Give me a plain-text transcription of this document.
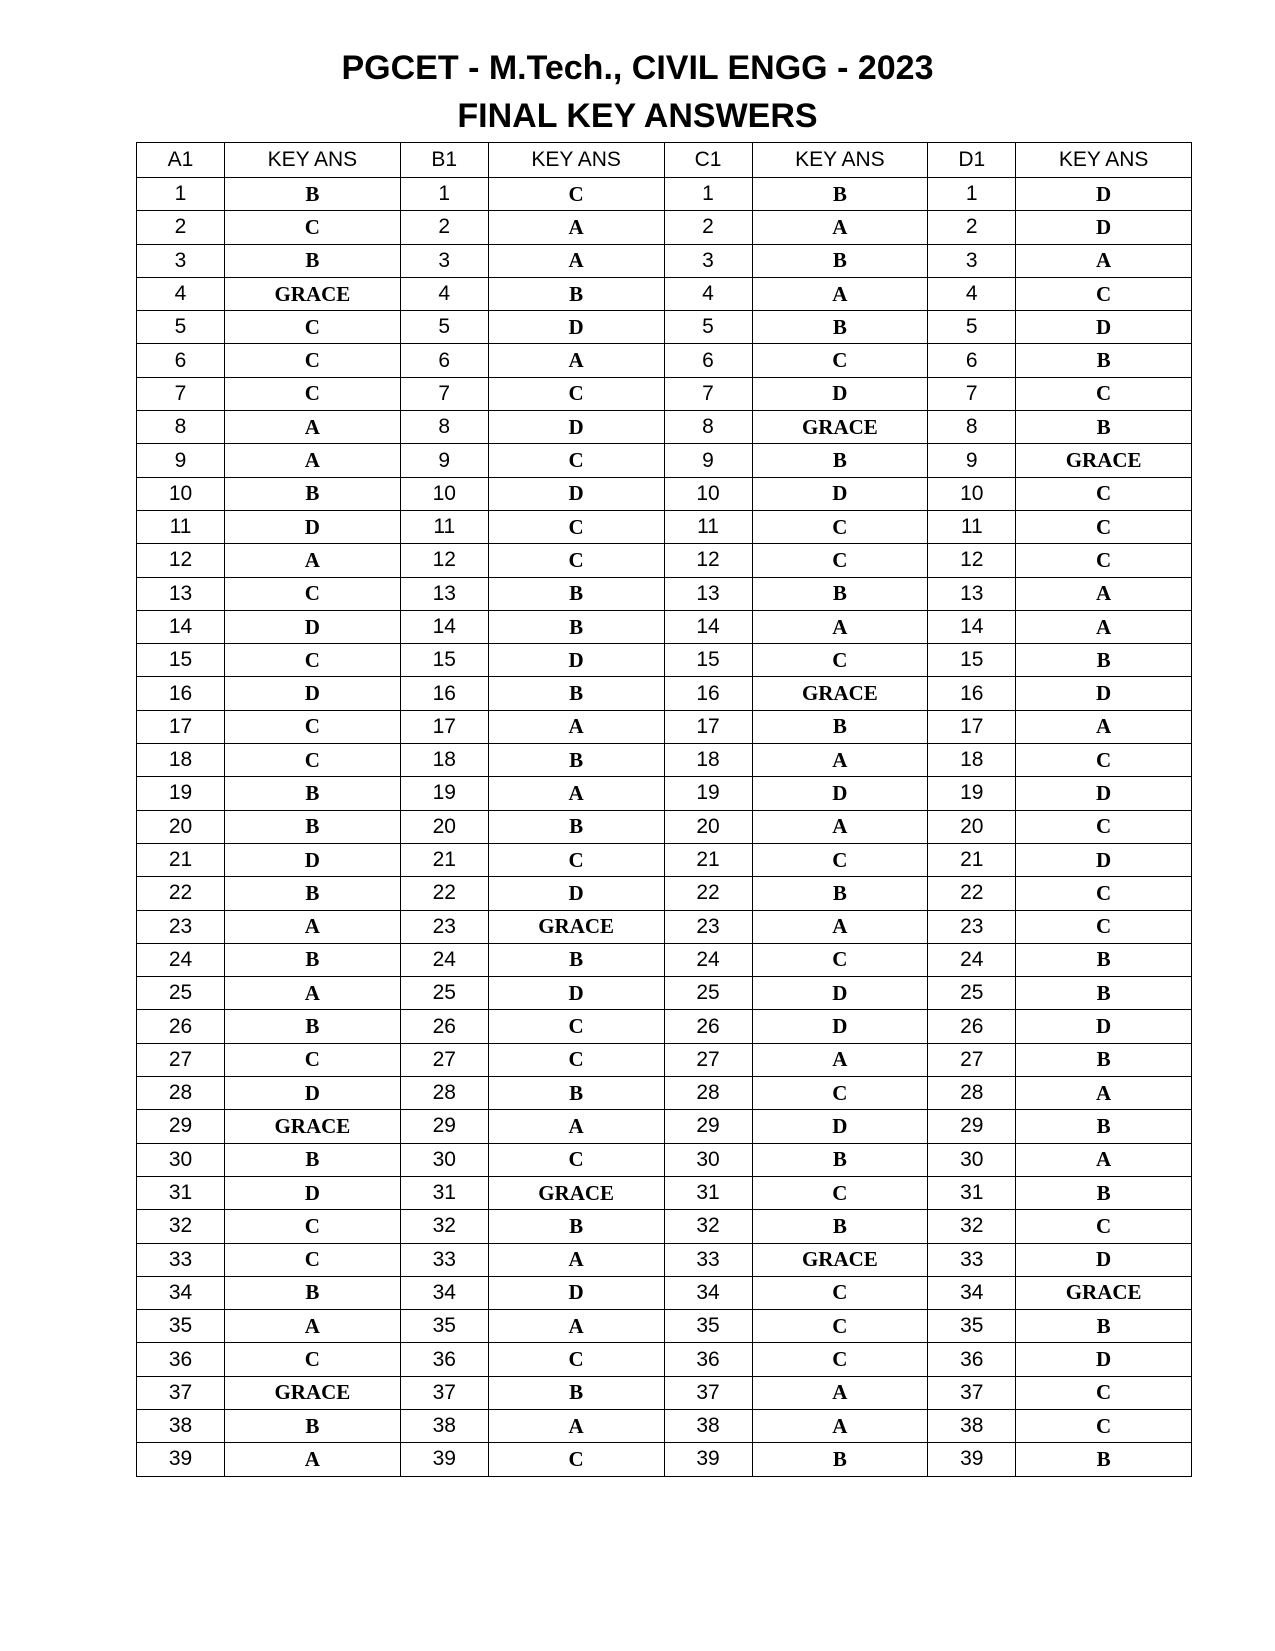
PGCET - M.Tech., CIVIL ENGG - 2023
FINAL KEY ANSWERS
A1	KEY ANS	B1	KEY ANS	C1	KEY ANS	D1	KEY ANS
1	B	1	C	1	B	1	D
2	C	2	A	2	A	2	D
3	B	3	A	3	B	3	A
4	GRACE	4	B	4	A	4	C
5	C	5	D	5	B	5	D
6	C	6	A	6	C	6	B
7	C	7	C	7	D	7	C
8	A	8	D	8	GRACE	8	B
9	A	9	C	9	B	9	GRACE
10	B	10	D	10	D	10	C
11	D	11	C	11	C	11	C
12	A	12	C	12	C	12	C
13	C	13	B	13	B	13	A
14	D	14	B	14	A	14	A
15	C	15	D	15	C	15	B
16	D	16	B	16	GRACE	16	D
17	C	17	A	17	B	17	A
18	C	18	B	18	A	18	C
19	B	19	A	19	D	19	D
20	B	20	B	20	A	20	C
21	D	21	C	21	C	21	D
22	B	22	D	22	B	22	C
23	A	23	GRACE	23	A	23	C
24	B	24	B	24	C	24	B
25	A	25	D	25	D	25	B
26	B	26	C	26	D	26	D
27	C	27	C	27	A	27	B
28	D	28	B	28	C	28	A
29	GRACE	29	A	29	D	29	B
30	B	30	C	30	B	30	A
31	D	31	GRACE	31	C	31	B
32	C	32	B	32	B	32	C
33	C	33	A	33	GRACE	33	D
34	B	34	D	34	C	34	GRACE
35	A	35	A	35	C	35	B
36	C	36	C	36	C	36	D
37	GRACE	37	B	37	A	37	C
38	B	38	A	38	A	38	C
39	A	39	C	39	B	39	B
